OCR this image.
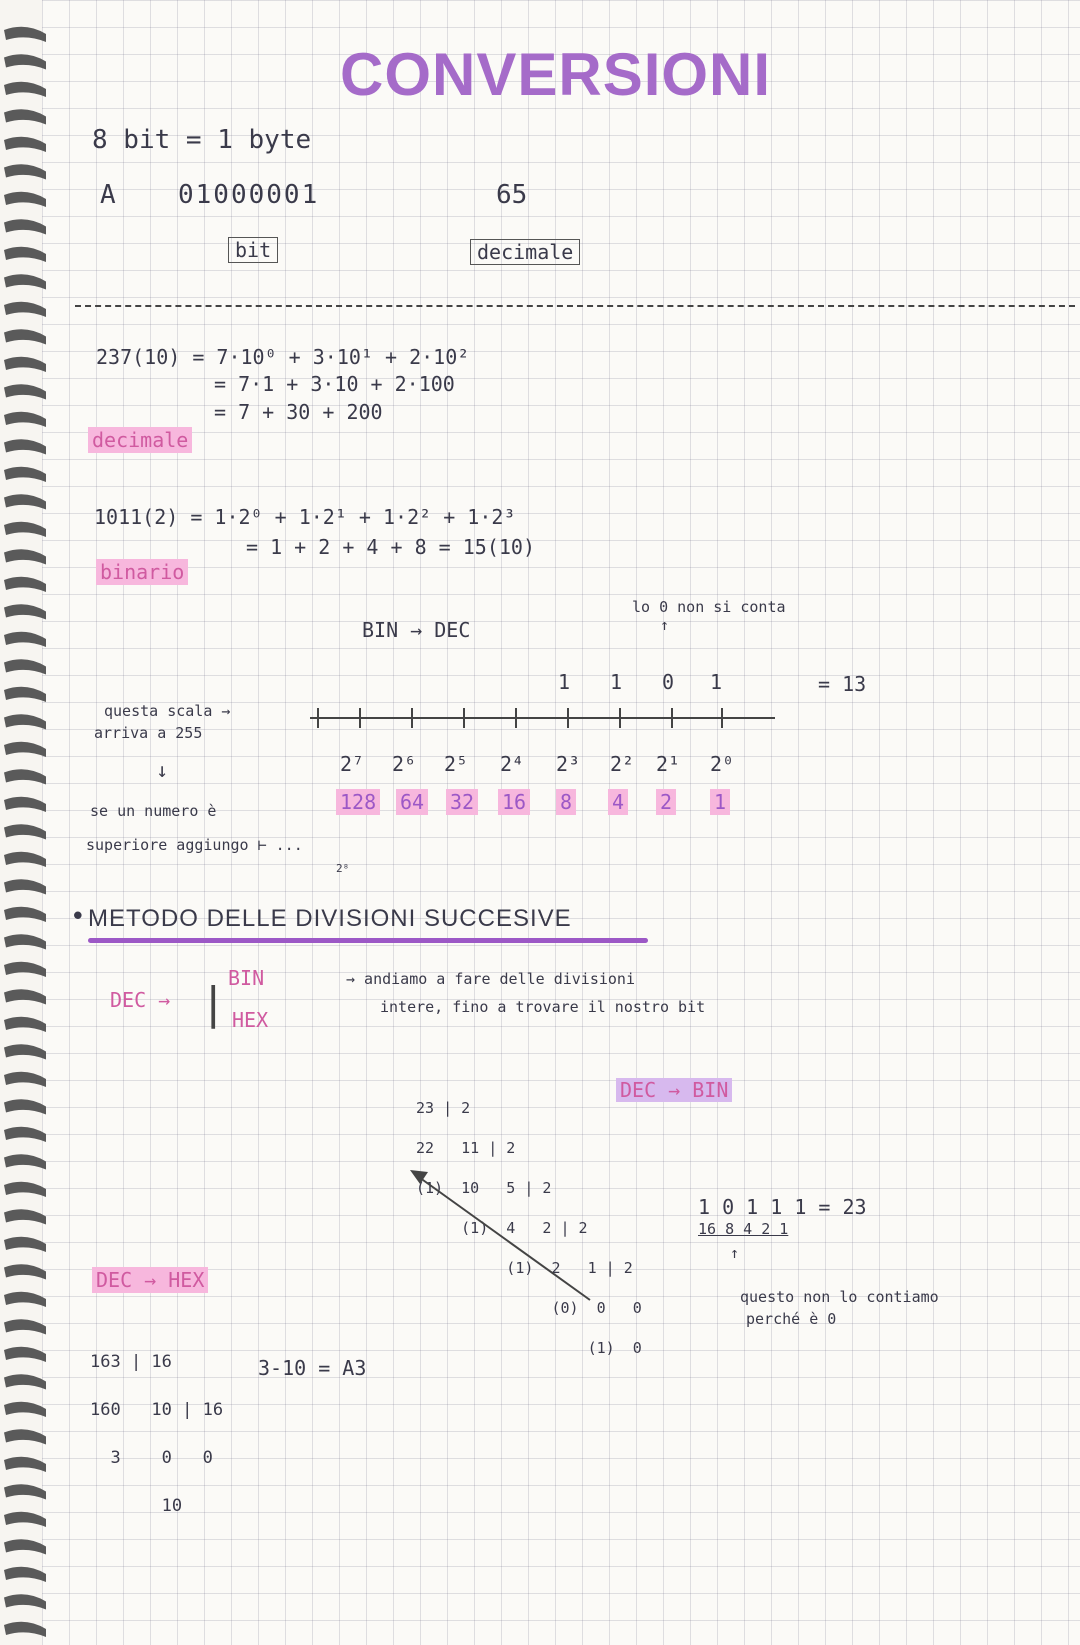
CONVERSIONI
8 bit = 1 byte
A 01000001
bit
65
decimale
237(10) = 7·10⁰ + 3·10¹ + 2·10²
= 7·1 + 3·10 + 2·100
= 7 + 30 + 200
decimale
1011(2) = 1·2⁰ + 1·2¹ + 1·2² + 1·2³
= 1 + 2 + 4 + 8 = 15(10)
binario
BIN → DEC
lo 0 non si conta
↑
= 13
1 1 0 1
2⁷ 2⁶ 2⁵ 2⁴ 2³ 2² 2¹ 2⁰
128 64 32 16 8 4 2 1
questa scala →
arriva a 255
↓
se un numero è
superiore aggiungo ⊢ ...
2⁸
• METODO DELLE DIVISIONI SUCCESIVE
DEC → | BIN
HEX
→ andiamo a fare delle divisioni
intere, fino a trovare il nostro bit
DEC → BIN

23 | 2

22   11 | 2

(1)  10   5 | 2

(1)  4   2 | 2

(1)  2   1 | 2

(0)  0   0

(1)  0

1 0 1 1 1 = 23
16 8 4 2 1
↑
questo non lo contiamo
perché è 0
DEC → HEX

163 | 16

160   10 | 16

3    0   0

10

3-10 = A3
